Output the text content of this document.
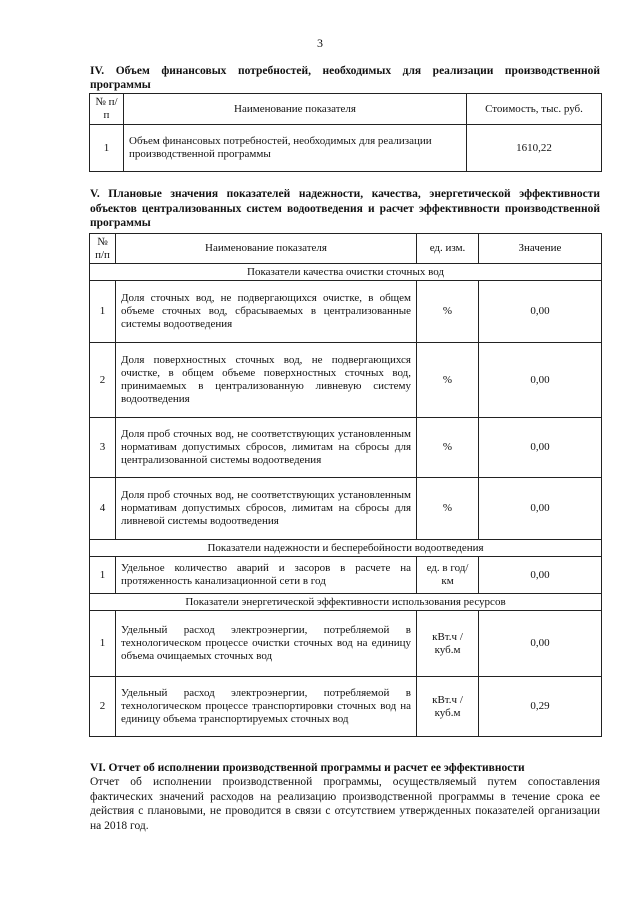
3
IV. Объем финансовых потребностей, необходимых для реализации производственной программы
№ п/п	Наименование показателя	Стоимость, тыс. руб.
1	Объем финансовых потребностей, необходимых для реализации производственной программы	1610,22
V. Плановые значения показателей надежности, качества, энергетической эффективности объектов централизованных систем водоотведения и расчет эффективности производственной программы
№ п/п	Наименование показателя	ед. изм.	Значение
Показатели качества очистки сточных вод			
1	Доля сточных вод, не подвергающихся очистке, в общем объеме сточных вод, сбрасываемых в централизованные системы водоотведения	%	0,00
2	Доля поверхностных сточных вод, не подвергающихся очистке, в общем объеме поверхностных сточных вод, принимаемых в централизованную ливневую систему водоотведения	%	0,00
3	Доля проб сточных вод, не соответствующих установленным нормативам допустимых сбросов, лимитам на сбросы для централизованной системы водоотведения	%	0,00
4	Доля проб сточных вод, не соответствующих установленным нормативам допустимых сбросов, лимитам на сбросы для ливневой системы водоотведения	%	0,00
Показатели надежности и бесперебойности водоотведения			
1	Удельное количество аварий и засоров в расчете на протяженность канализационной сети в год	ед. в год/ км	0,00
Показатели энергетической эффективности использования ресурсов			
1	Удельный расход электроэнергии, потребляемой в технологическом процессе очистки сточных вод на единицу объема очищаемых сточных вод	кВт.ч / куб.м	0,00
2	Удельный расход электроэнергии, потребляемой в технологическом процессе транспортировки сточных вод на единицу объема транспортируемых сточных вод	кВт.ч / куб.м	0,29
VI. Отчет об исполнении производственной программы и расчет ее эффективности
Отчет об исполнении производственной программы, осуществляемый путем сопоставления фактических значений расходов на реализацию производственной программы в течение срока ее действия с плановыми, не проводится в связи с отсутствием утвержденных показателей организации на 2018 год.
